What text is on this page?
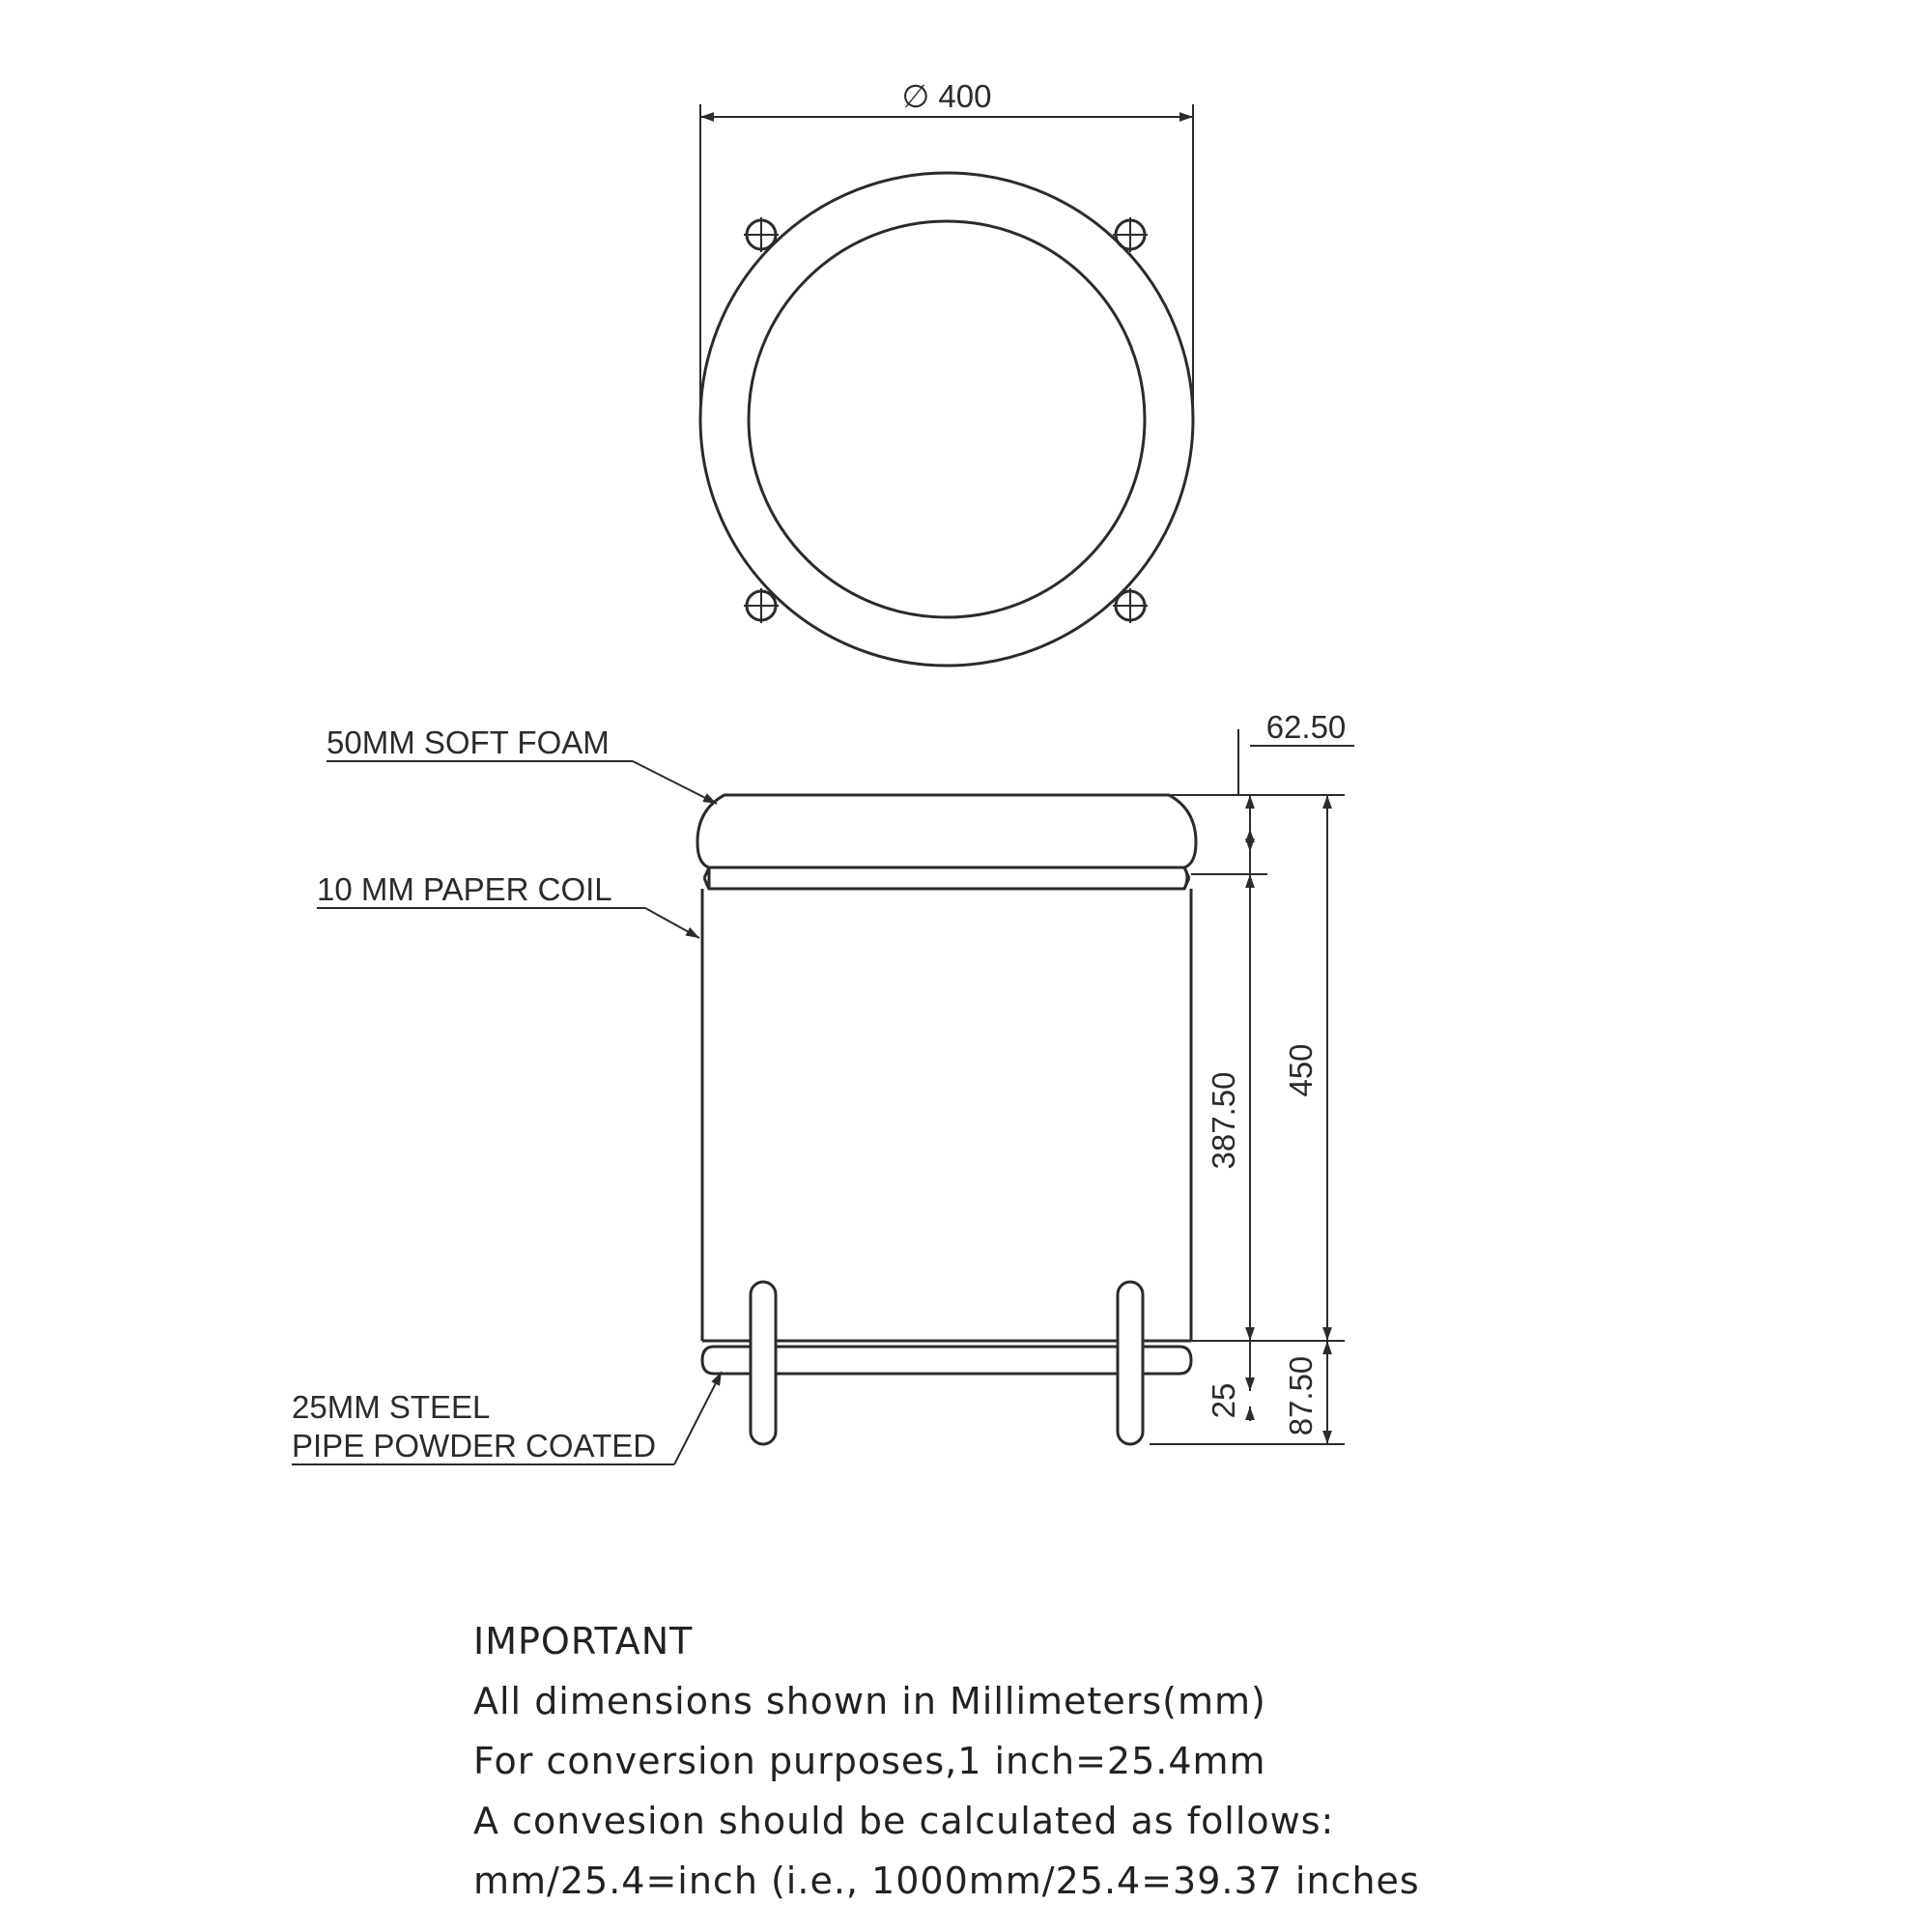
∅ 400
50MM SOFT FOAM
10 MM PAPER COIL
25MM STEEL
PIPE POWDER COATED
62.50
387.50
450
25 87.50
IMPORTANT
All dimensions shown in Millimeters(mm)
For conversion purposes,1 inch=25.4mm
A convesion should be calculated as follows:
mm/25.4=inch (i.e., 1000mm/25.4=39.37 inches
